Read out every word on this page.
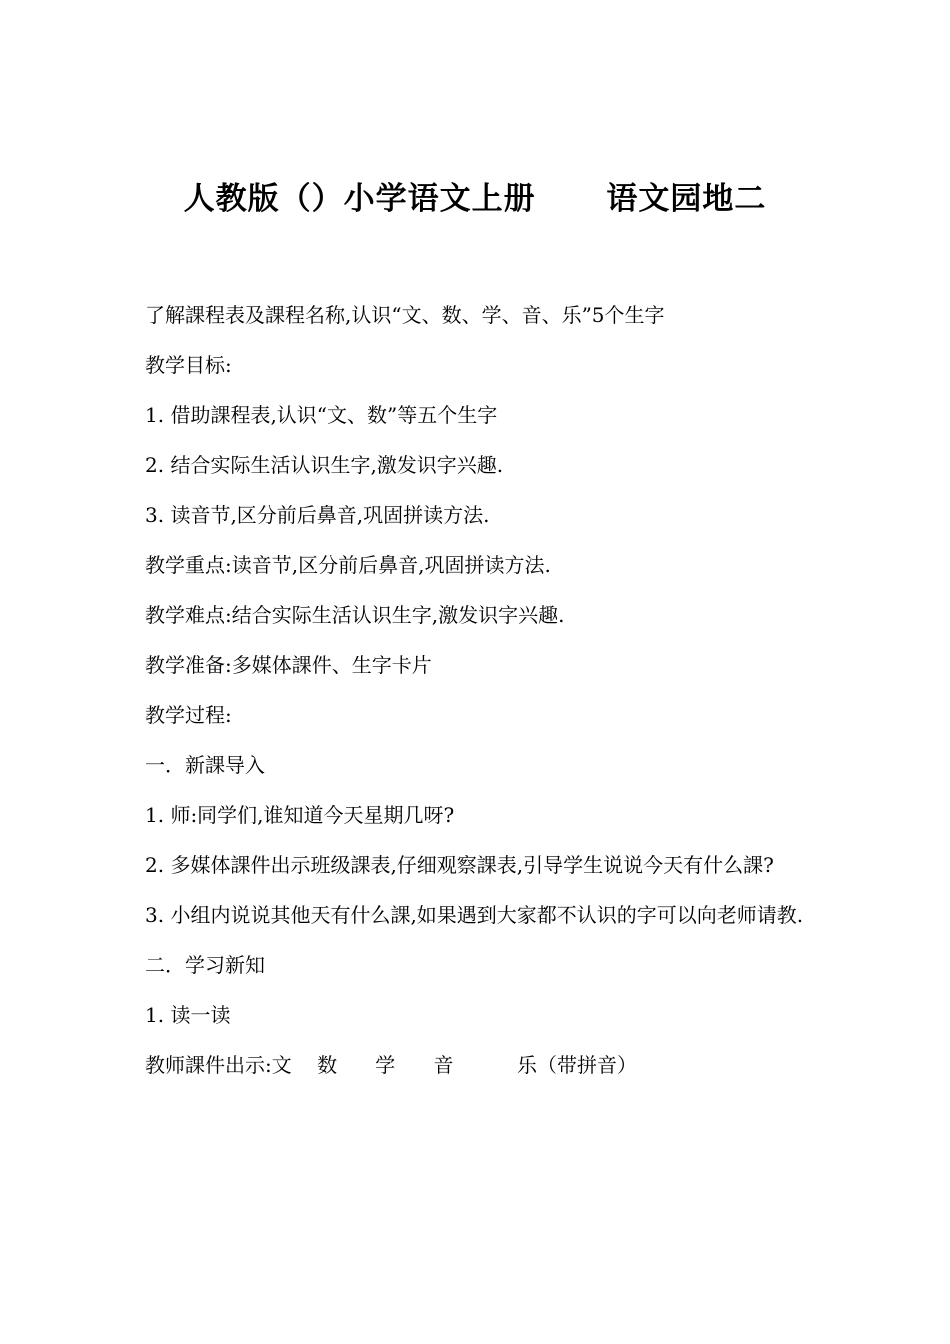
人教版（）小学语文上册      语文园地二

了解課程表及課程名称,认识“文、数、学、音、乐”5个生字

教学目标:

1. 借助課程表,认识“文、数”等五个生字

2. 结合实际生活认识生字,激发识字兴趣.

3. 读音节,区分前后鼻音,巩固拼读方法.

教学重点:读音节,区分前后鼻音,巩固拼读方法.

教学难点:结合实际生活认识生字,激发识字兴趣.

教学准备:多媒体課件、生字卡片

教学过程:

一．新課导入

1. 师:同学们,谁知道今天星期几呀?

2. 多媒体課件出示班级課表,仔细观察課表,引导学生说说今天有什么課?

3. 小组内说说其他天有什么課,如果遇到大家都不认识的字可以向老师请教.

二．学习新知

1. 读一读

教师課件出示:文    数      学      音          乐（带拼音）
